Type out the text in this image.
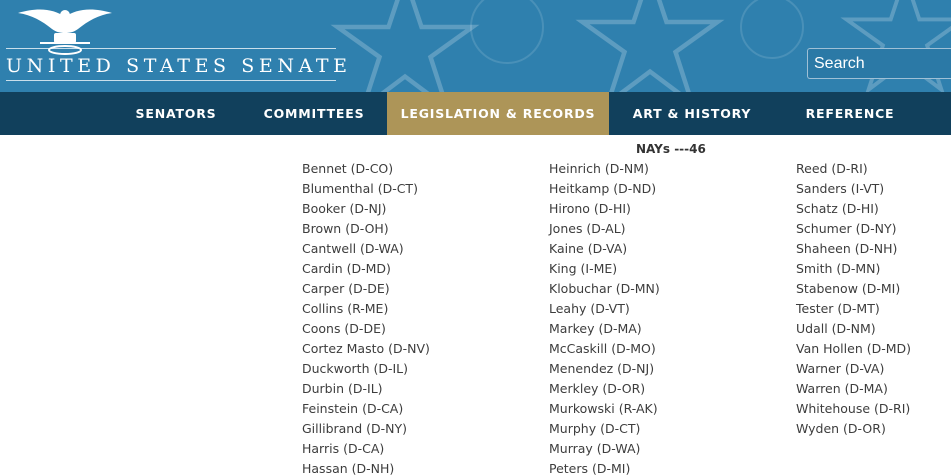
UNITED STATES SENATE
Search
SENATORS	COMMITTEES	LEGISLATION & RECORDS	ART & HISTORY	REFERENCE
NAYs ---46
Bennet (D-CO)
Blumenthal (D-CT)
Booker (D-NJ)
Brown (D-OH)
Cantwell (D-WA)
Cardin (D-MD)
Carper (D-DE)
Collins (R-ME)
Coons (D-DE)
Cortez Masto (D-NV)
Duckworth (D-IL)
Durbin (D-IL)
Feinstein (D-CA)
Gillibrand (D-NY)
Harris (D-CA)
Hassan (D-NH)
Heinrich (D-NM)
Heitkamp (D-ND)
Hirono (D-HI)
Jones (D-AL)
Kaine (D-VA)
King (I-ME)
Klobuchar (D-MN)
Leahy (D-VT)
Markey (D-MA)
McCaskill (D-MO)
Menendez (D-NJ)
Merkley (D-OR)
Murkowski (R-AK)
Murphy (D-CT)
Murray (D-WA)
Peters (D-MI)
Reed (D-RI)
Sanders (I-VT)
Schatz (D-HI)
Schumer (D-NY)
Shaheen (D-NH)
Smith (D-MN)
Stabenow (D-MI)
Tester (D-MT)
Udall (D-NM)
Van Hollen (D-MD)
Warner (D-VA)
Warren (D-MA)
Whitehouse (D-RI)
Wyden (D-OR)
